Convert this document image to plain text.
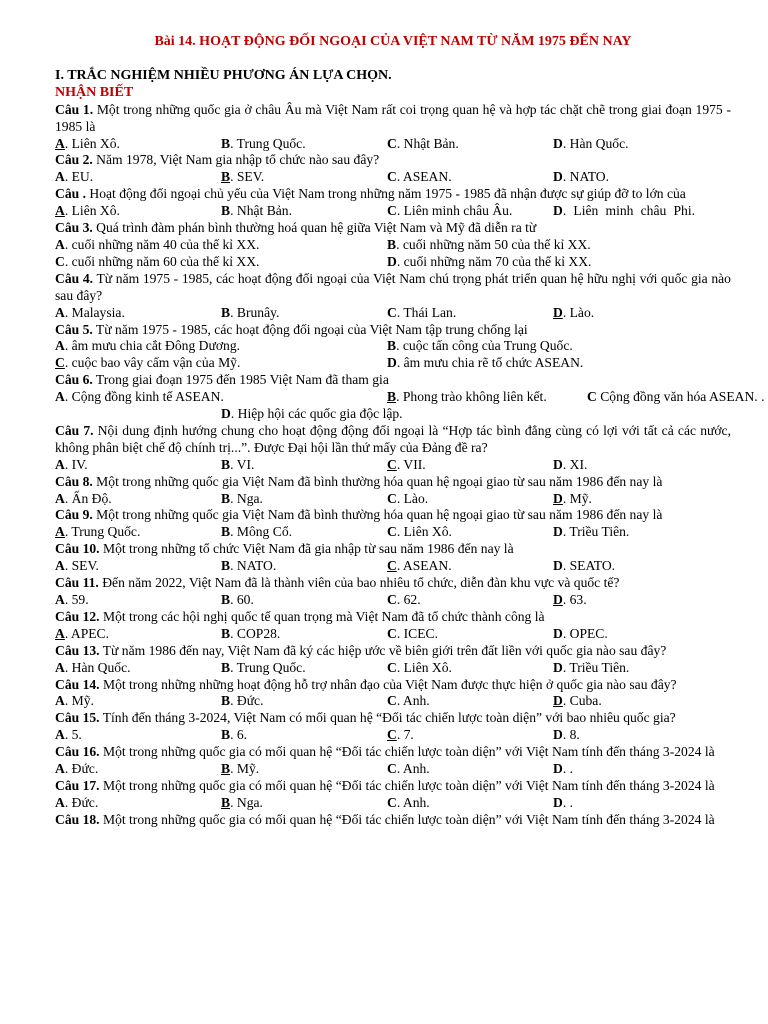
Bài 14. HOẠT ĐỘNG ĐỐI NGOẠI CỦA VIỆT NAM TỪ NĂM 1975 ĐẾN NAY
I. TRẮC NGHIỆM NHIỀU PHƯƠNG ÁN LỰA CHỌN.
NHẬN BIẾT
Câu 1. Một trong những quốc gia ở châu Âu mà Việt Nam rất coi trọng quan hệ và hợp tác chặt chẽ trong giai đoạn 1975 - 1985 là
A. Liên Xô.	B. Trung Quốc.	C. Nhật Bản.	D. Hàn Quốc.
Câu 2. Năm 1978, Việt Nam gia nhập tổ chức nào sau đây?
A. EU.	B. SEV.	C. ASEAN.	D. NATO.
Câu . Hoạt động đối ngoại chủ yếu của Việt Nam trong những năm 1975 - 1985 đã nhận được sự giúp đỡ to lớn của
A. Liên Xô.	B. Nhật Bản.	C. Liên minh châu Âu.	D. Liên minh châu Phi.
Câu 3. Quá trình đàm phán bình thường hoá quan hệ giữa Việt Nam và Mỹ đã diễn ra từ
A. cuối những năm 40 của thế kỉ XX.	B. cuối những năm 50 của thế kỉ XX.
C. cuối những năm 60 của thế kỉ XX.	D. cuối những năm 70 của thế kỉ XX.
Câu 4. Từ năm 1975 - 1985, các hoạt động đối ngoại của Việt Nam chú trọng phát triển quan hệ hữu nghị với quốc gia nào sau đây?
A. Malaysia.	B. Brunây.	C. Thái Lan.	D. Lào.
Câu 5. Từ năm 1975 - 1985, các hoạt động đối ngoại của Việt Nam tập trung chống lại
A. âm mưu chia cắt Đông Dương.	B. cuộc tấn công của Trung Quốc.
C. cuộc bao vây cấm vận của Mỹ.	D. âm mưu chia rẽ tổ chức ASEAN.
Câu 6. Trong giai đoạn 1975 đến 1985 Việt Nam đã tham gia
A. Cộng đồng kinh tế ASEAN.	B. Phong trào không liên kết.	C Cộng đồng văn hóa ASEAN. .
D. Hiệp hội các quốc gia độc lập.
Câu 7. Nội dung định hướng chung cho hoạt động động đối ngoại là “Hợp tác bình đẳng cùng có lợi với tất cả các nước, không phân biệt chế độ chính trị...”. Được Đại hội lần thứ mấy của Đảng đề ra?
A. IV.	B. VI.	C. VII.	D. XI.
Câu 8. Một trong những quốc gia Việt Nam đã bình thường hóa quan hệ ngoại giao từ sau năm 1986 đến nay là
A. Ấn Độ.	B. Nga.	C. Lào.	D. Mỹ.
Câu 9. Một trong những quốc gia Việt Nam đã bình thường hóa quan hệ ngoại giao từ sau năm 1986 đến nay là
A. Trung Quốc.	B. Mông Cổ.	C. Liên Xô.	D. Triều Tiên.
Câu 10. Một trong những tổ chức Việt Nam đã gia nhập từ sau năm 1986 đến nay là
A. SEV.	B. NATO.	C. ASEAN.	D. SEATO.
Câu 11. Đến năm 2022, Việt Nam đã là thành viên của bao nhiêu tổ chức, diễn đàn khu vực và quốc tế?
A. 59.	B. 60.	C. 62.	D. 63.
Câu 12. Một trong các hội nghị quốc tế quan trọng mà Việt Nam đã tổ chức thành công là
A. APEC.	B. COP28.	C. ICEC.	D. OPEC.
Câu 13. Từ năm 1986 đến nay, Việt Nam đã ký các hiệp ước về biên giới trên đất liền với quốc gia nào sau đây?
A. Hàn Quốc.	B. Trung Quốc.	C. Liên Xô.	D. Triều Tiên.
Câu 14. Một trong những những hoạt động hỗ trợ nhân đạo của Việt Nam được thực hiện ở quốc gia nào sau đây?
A. Mỹ.	B. Đức.	C. Anh.	D. Cuba.
Câu 15. Tính đến tháng 3-2024, Việt Nam có mối quan hệ “Đối tác chiến lược toàn diện” với bao nhiêu quốc gia?
A. 5.	B. 6.	C. 7.	D. 8.
Câu 16. Một trong những quốc gia có mối quan hệ “Đối tác chiến lược toàn diện” với Việt Nam tính đến tháng 3-2024 là
A. Đức.	B. Mỹ.	C. Anh.	D. .
Câu 17. Một trong những quốc gia có mối quan hệ “Đối tác chiến lược toàn diện” với Việt Nam tính đến tháng 3-2024 là
A. Đức.	B. Nga.	C. Anh.	D. .
Câu 18. Một trong những quốc gia có mối quan hệ “Đối tác chiến lược toàn diện” với Việt Nam tính đến tháng 3-2024 là
